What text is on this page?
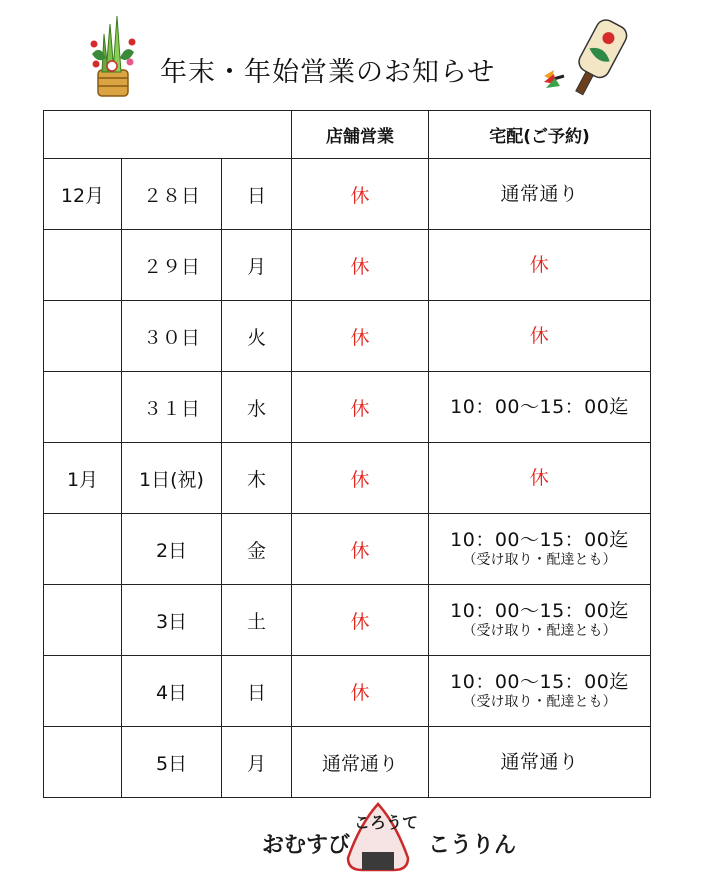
年末・年始営業のお知らせ
			店舗営業	宅配(ご予約)
12月	２８日	日	休	通常通り

	２９日	月	休	休

	３０日	火	休	休

	３１日	水	休	10：00〜15：00迄

1月	1日(祝)	木	休	休

	2日	金	休	10：00〜15：00迄
（受け取り・配達とも）

	3日	土	休	10：00〜15：00迄
（受け取り・配達とも）

	4日	日	休	10：00〜15：00迄
（受け取り・配達とも）

	5日	月	通常通り	通常通り
おむすび
ころうて
こうりん
